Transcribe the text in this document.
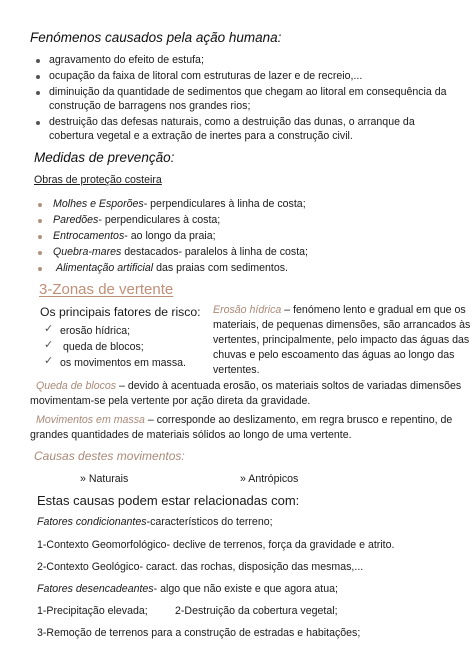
Fenómenos causados pela ação humana:
agravamento do efeito de estufa;
ocupação da faixa de litoral com estruturas de lazer e de recreio,...
diminuição da quantidade de sedimentos que chegam ao litoral em consequência da
construção de barragens nos grandes rios;
destruição das defesas naturais, como a destruição das dunas, o arranque da
cobertura vegetal e a extração de inertes para a construção civil.
Medidas de prevenção:
Obras de proteção costeira
Molhes e Esporões- perpendiculares à linha de costa;
Paredões- perpendiculares à costa;
Entrocamentos- ao longo da praia;
Quebra-mares destacados- paralelos à linha de costa;
Alimentação artificial das praias com sedimentos.
3-Zonas de vertente
Os principais fatores de risco:
✓ erosão hídrica;
✓ queda de blocos;
✓ os movimentos em massa.
Erosão hídrica – fenómeno lento e gradual em que os
materiais, de pequenas dimensões, são arrancados às
vertentes, principalmente, pelo impacto das águas das
chuvas e pelo escoamento das águas ao longo das
vertentes.
Queda de blocos – devido à acentuada erosão, os materiais soltos de variadas dimensões
movimentam-se pela vertente por ação direta da gravidade.
Movimentos em massa – corresponde ao deslizamento, em regra brusco e repentino, de
grandes quantidades de materiais sólidos ao longo de uma vertente.
Causas destes movimentos:
» Naturais	» Antrópicos
Estas causas podem estar relacionadas com:
Fatores condicionantes-característicos do terreno;
1-Contexto Geomorfológico- declive de terrenos, força da gravidade e atrito.
2-Contexto Geológico- caract. das rochas, disposição das mesmas,...
Fatores desencadeantes- algo que não existe e que agora atua;
1-Precipitação elevada;	2-Destruição da cobertura vegetal;
3-Remoção de terrenos para a construção de estradas e habitações;
